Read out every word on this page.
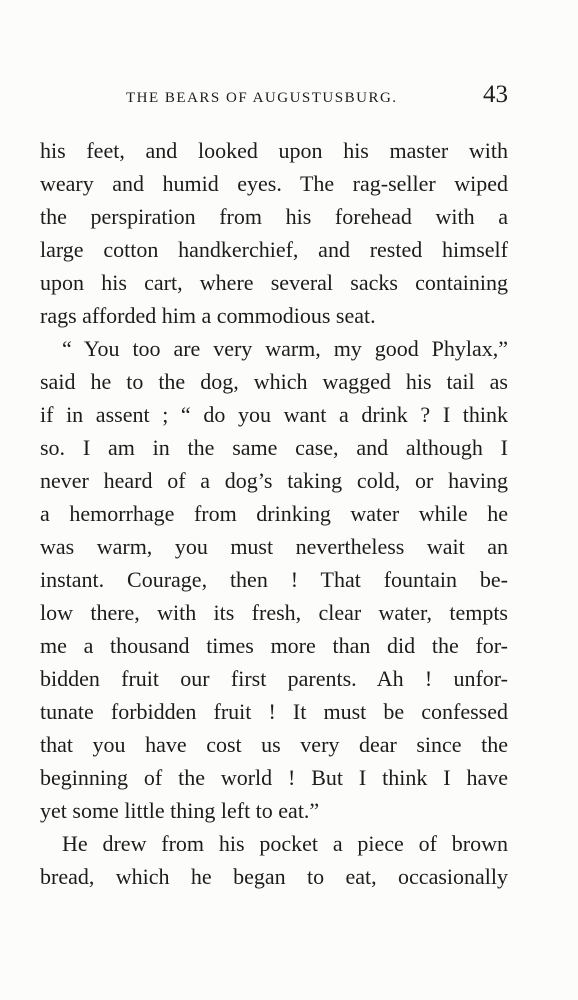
THE BEARS OF AUGUSTUSBURG.	43
his feet, and looked upon his master with
weary and humid eyes. The rag-seller wiped
the perspiration from his forehead with a
large cotton handkerchief, and rested himself
upon his cart, where several sacks containing
rags afforded him a commodious seat.
“ You too are very warm, my good Phylax,”
said he to the dog, which wagged his tail as
if in assent ; “ do you want a drink ? I think
so. I am in the same case, and although I
never heard of a dog’s taking cold, or having
a hemorrhage from drinking water while he
was warm, you must nevertheless wait an
instant. Courage, then ! That fountain be-
low there, with its fresh, clear water, tempts
me a thousand times more than did the for-
bidden fruit our first parents. Ah ! unfor-
tunate forbidden fruit ! It must be confessed
that you have cost us very dear since the
beginning of the world ! But I think I have
yet some little thing left to eat.”
He drew from his pocket a piece of brown
bread, which he began to eat, occasionally
